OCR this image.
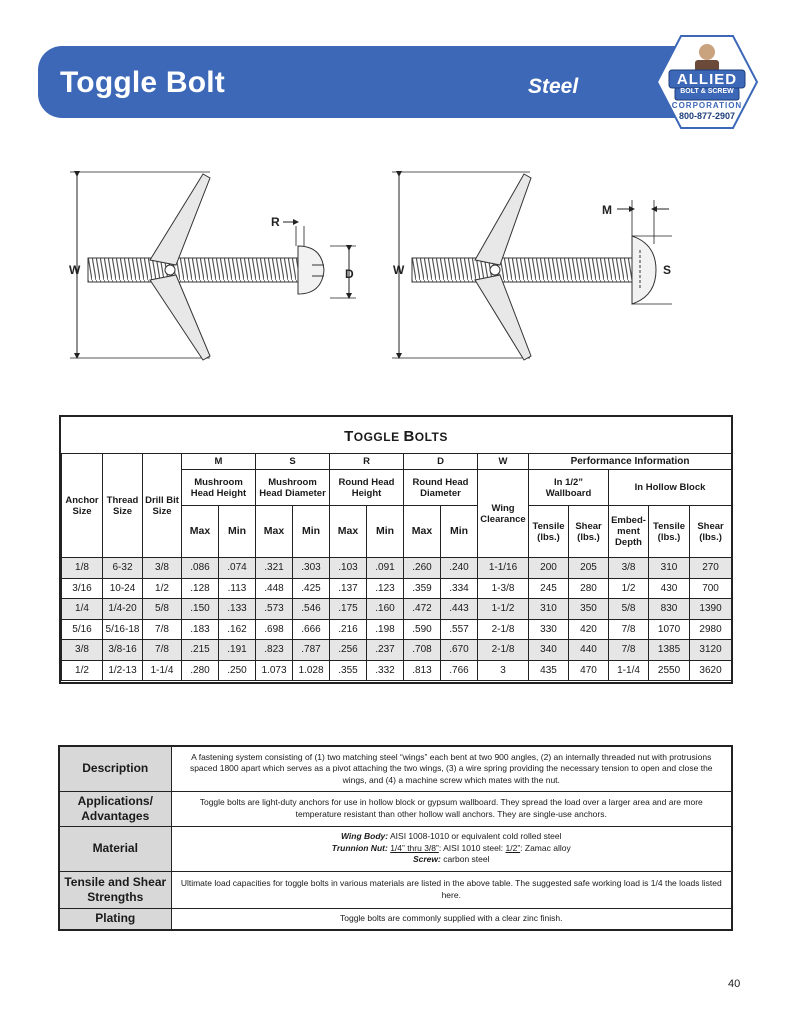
Toggle Bolt	Steel	ALLIED
BOLT & SCREW
CORPORATION
800-877-2907
W
R
D	W
M
S
TOGGLE BOLTS
Anchor Size	Thread Size	Drill Bit Size	M		S		R		D		W	Performance Information				
			Mushroom Head Height		Mushroom Head Diameter		Round Head Height		Round Head Diameter		Wing Clearance	In 1/2” Wallboard		In Hollow Block		
			Max	Min	Max	Min	Max	Min	Max	Min		Tensile (lbs.)	Shear (lbs.)	Embed- ment Depth	Tensile (lbs.)	Shear (lbs.)
1/8	6-32	3/8	.086	.074	.321	.303	.103	.091	.260	.240	1-1/16	200	205	3/8	310	270
3/16	10-24	1/2	.128	.113	.448	.425	.137	.123	.359	.334	1-3/8	245	280	1/2	430	700
1/4	1/4-20	5/8	.150	.133	.573	.546	.175	.160	.472	.443	1-1/2	310	350	5/8	830	1390
5/16	5/16-18	7/8	.183	.162	.698	.666	.216	.198	.590	.557	2-1/8	330	420	7/8	1070	2980
3/8	3/8-16	7/8	.215	.191	.823	.787	.256	.237	.708	.670	2-1/8	340	440	7/8	1385	3120
1/2	1/2-13	1-1/4	.280	.250	1.073	1.028	.355	.332	.813	.766	3	435	470	1-1/4	2550	3620
Description	A fastening system consisting of (1) two matching steel “wings” each bent at two 900 angles, (2) an internally threaded nut with protrusions spaced 1800 apart which serves as a pivot attaching the two wings, (3) a wire spring providing the necessary tension to open and close the wings, and (4) a machine screw which mates with the nut.
Applications/
Advantages	Toggle bolts are light-duty anchors for use in hollow block or gypsum wallboard. They spread the load over a larger area and are more temperature resistant than other hollow wall anchors. They are single-use anchors.
Material	Wing Body: AISI 1008-1010 or equivalent cold rolled steel
Trunnion Nut: 1/4” thru 3/8”: AISI 1010 steel: 1/2”: Zamac alloy
Screw: carbon steel
Tensile and Shear
Strengths	Ultimate load capacities for toggle bolts in various materials are listed in the above table. The suggested safe working load is 1/4 the loads listed here.
Plating	Toggle bolts are commonly supplied with a clear zinc finish.
40
